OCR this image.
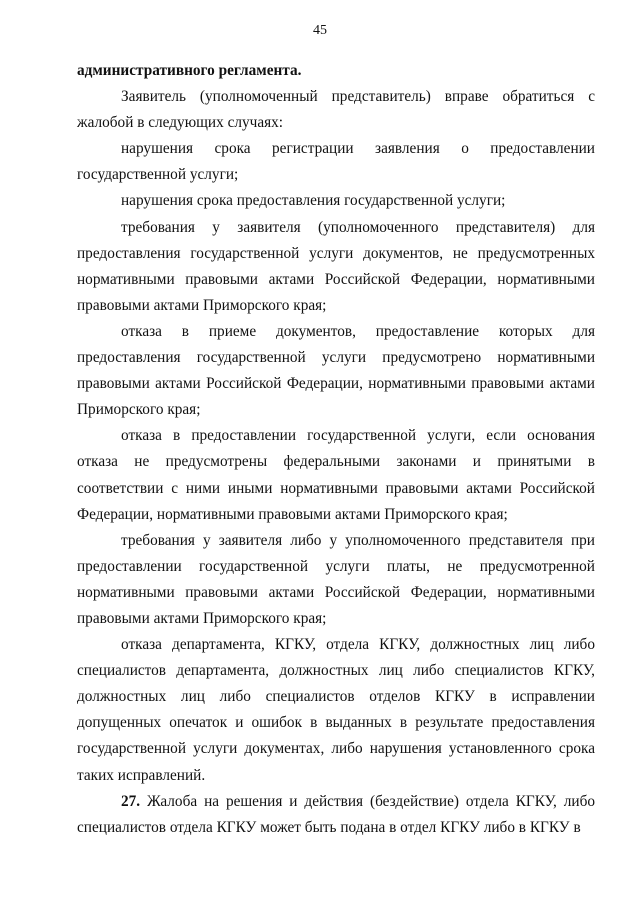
45

административного регламента.

Заявитель (уполномоченный представитель) вправе обратиться с жалобой в следующих случаях:

нарушения срока регистрации заявления о предоставлении государственной услуги;

нарушения срока предоставления государственной услуги;

требования у заявителя (уполномоченного представителя) для предоставления государственной услуги документов, не предусмотренных нормативными правовыми актами Российской Федерации, нормативными правовыми актами Приморского края;

отказа в приеме документов, предоставление которых для предоставления государственной услуги предусмотрено нормативными правовыми актами Российской Федерации, нормативными правовыми актами Приморского края;

отказа в предоставлении государственной услуги, если основания отказа не предусмотрены федеральными законами и принятыми в соответствии с ними иными нормативными правовыми актами Российской Федерации, нормативными правовыми актами Приморского края;

требования у заявителя либо у уполномоченного представителя при предоставлении государственной услуги платы, не предусмотренной нормативными правовыми актами Российской Федерации, нормативными правовыми актами Приморского края;

отказа департамента, КГКУ, отдела КГКУ, должностных лиц либо специалистов департамента, должностных лиц либо специалистов КГКУ, должностных лиц либо специалистов отделов КГКУ в исправлении допущенных опечаток и ошибок в выданных в результате предоставления государственной услуги документах, либо нарушения установленного срока таких исправлений.

27. Жалоба на решения и действия (бездействие) отдела КГКУ, либо специалистов отдела КГКУ может быть подана в отдел КГКУ либо в КГКУ в
